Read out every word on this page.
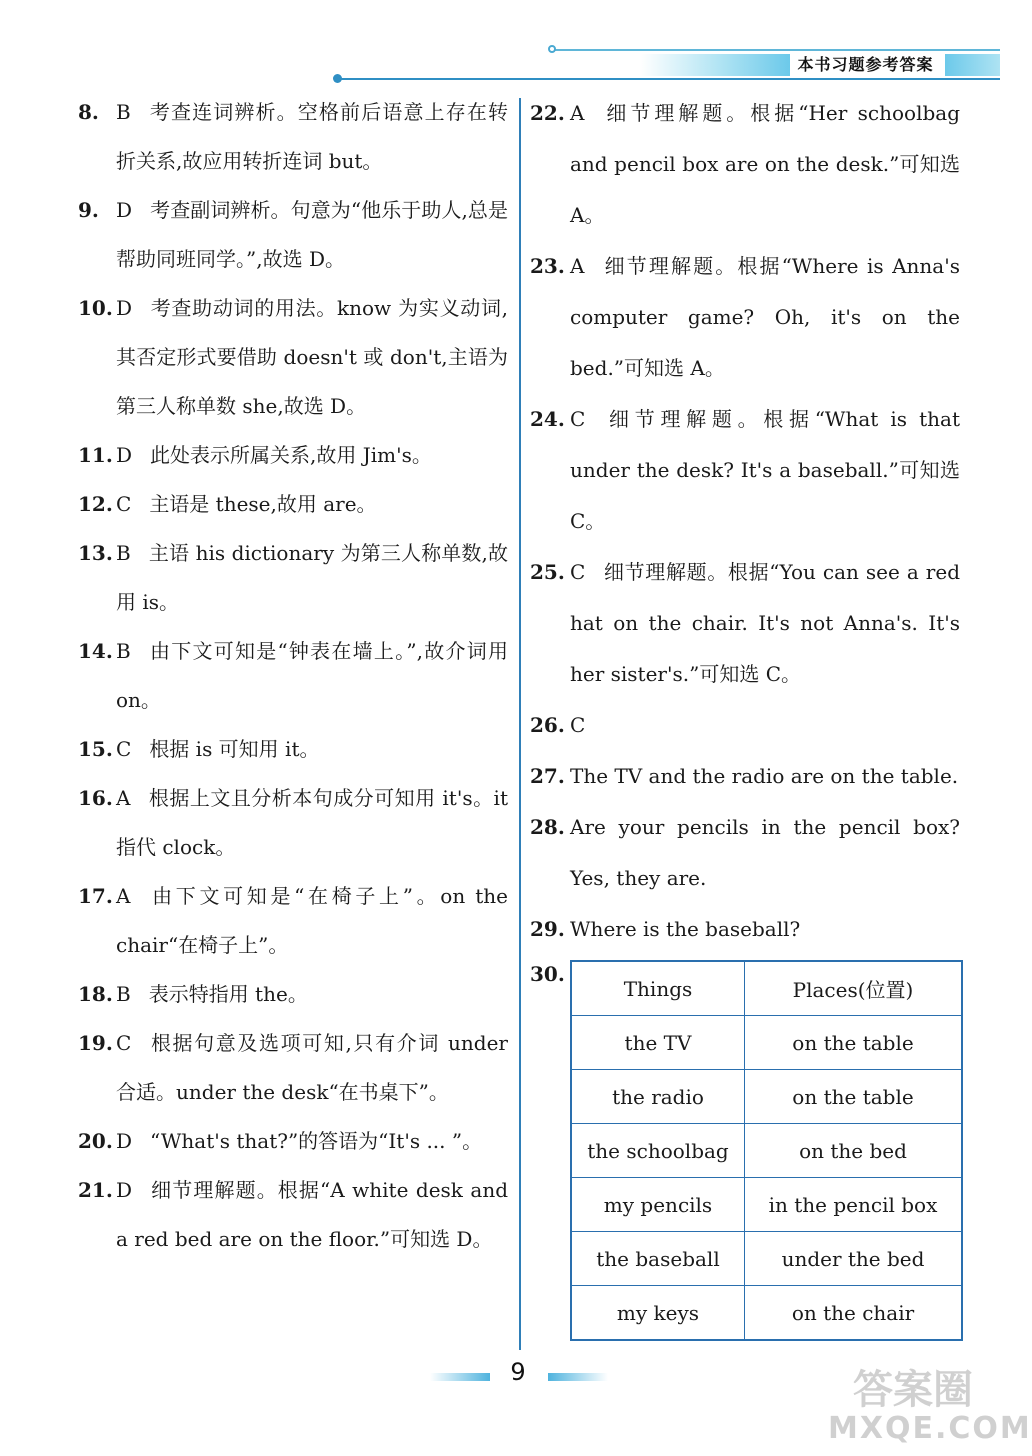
本书习题参考答案
8. B 考查连词辨析。空格前后语意上存在转折关系,故应用转折连词 but。
9. D 考查副词辨析。句意为“他乐于助人,总是帮助同班同学。”,故选 D。
10. D 考查助动词的用法。know 为实义动词,其否定形式要借助 doesn't 或 don't,主语为第三人称单数 she,故选 D。
11. D 此处表示所属关系,故用 Jim's。
12. C 主语是 these,故用 are。
13. B 主语 his dictionary 为第三人称单数,故用 is。
14. B 由下文可知是“钟表在墙上。”,故介词用 on。
15. C 根据 is 可知用 it。
16. A 根据上文且分析本句成分可知用 it's。it 指代 clock。
17. A 由下文可知是“在椅子上”。on the chair“在椅子上”。
18. B 表示特指用 the。
19. C 根据句意及选项可知,只有介词 under 合适。under the desk“在书桌下”。
20. D “What's that?”的答语为“It's ... ”。
21. D 细节理解题。根据“A white desk and a red bed are on the floor.”可知选 D。
22. A 细节理解题。根据“Her schoolbag and pencil box are on the desk.”可知选 A。
23. A 细节理解题。根据“Where is Anna's computer game? Oh, it's on the bed.”可知选 A。
24. C 细节理解题。根据“What is that under the desk? It's a baseball.”可知选 C。
25. C 细节理解题。根据“You can see a red hat on the chair. It's not Anna's. It's her sister's.”可知选 C。
26. C
27. The TV and the radio are on the table.
28. Are your pencils in the pencil box? Yes, they are.
29. Where is the baseball?
30.
Things	Places(位置)
the TV	on the table
the radio	on the table
the schoolbag	on the bed
my pencils	in the pencil box
the baseball	under the bed
my keys	on the chair
9	答案圈
MXQE.COM
